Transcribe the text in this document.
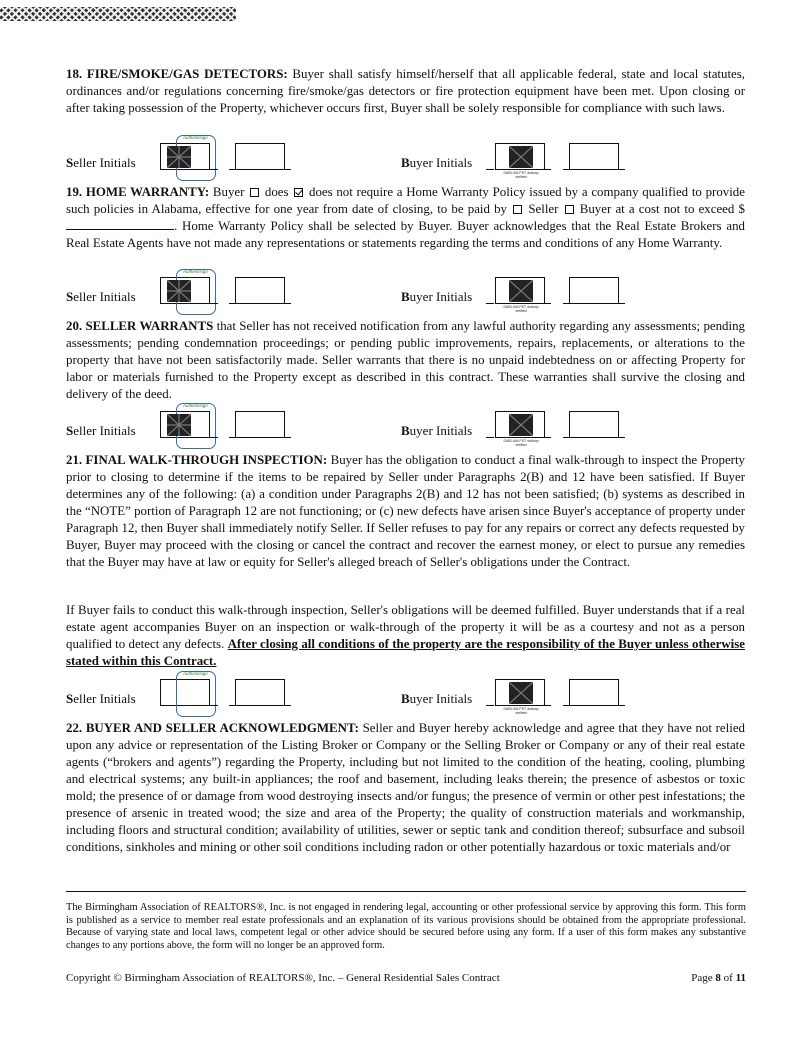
18. FIRE/SMOKE/GAS DETECTORS: Buyer shall satisfy himself/herself that all applicable federal, state and local statutes, ordinances and/or regulations concerning fire/smoke/gas detectors or fire protection equipment have been met. Upon closing or after taking possession of the Property, whichever occurs first, Buyer shall be solely responsible for compliance with such laws.
Seller Initials
Authentisign
Buyer Initials
SUBJ AM PST dotloop verified
19. HOME WARRANTY: Buyer  does does not require a Home Warranty Policy issued by a company qualified to provide such policies in Alabama, effective for one year from date of closing, to be paid by  Seller Buyer at a cost not to exceed $. Home Warranty Policy shall be selected by Buyer. Buyer acknowledges that the Real Estate Brokers and Real Estate Agents have not made any representations or statements regarding the terms and conditions of any Home Warranty.
Seller Initials
Authentisign
Buyer Initials
SUBJ AM PST dotloop verified
20. SELLER WARRANTS that Seller has not received notification from any lawful authority regarding any assessments; pending assessments; pending condemnation proceedings; or pending public improvements, repairs, replacements, or alterations to the property that have not been satisfactorily made. Seller warrants that there is no unpaid indebtedness on or affecting Property for labor or materials furnished to the Property except as described in this contract. These warranties shall survive the closing and delivery of the deed.
Seller Initials
Authentisign
Buyer Initials
SUBJ AM PST dotloop verified
21. FINAL WALK-THROUGH INSPECTION: Buyer has the obligation to conduct a final walk-through to inspect the Property prior to closing to determine if the items to be repaired by Seller under Paragraphs 2(B) and 12 have been satisfied. If Buyer determines any of the following: (a) a condition under Paragraphs 2(B) and 12 has not been satisfied; (b) systems as described in the “NOTE” portion of Paragraph 12 are not functioning; or (c) new defects have arisen since Buyer's acceptance of property under Paragraph 12, then Buyer shall immediately notify Seller. If Seller refuses to pay for any repairs or correct any defects requested by Buyer, Buyer may proceed with the closing or cancel the contract and recover the earnest money, or elect to pursue any remedies that the Buyer may have at law or equity for Seller's alleged breach of Seller's obligations under the Contract.
If Buyer fails to conduct this walk-through inspection, Seller's obligations will be deemed fulfilled. Buyer understands that if a real estate agent accompanies Buyer on an inspection or walk-through of the property it will be as a courtesy and not as a person qualified to detect any defects. After closing all conditions of the property are the responsibility of the Buyer unless otherwise stated within this Contract.
Seller Initials
Authentisign
Buyer Initials
SUBJ AM PST dotloop verified
22. BUYER AND SELLER ACKNOWLEDGMENT: Seller and Buyer hereby acknowledge and agree that they have not relied upon any advice or representation of the Listing Broker or Company or the Selling Broker or Company or any of their real estate agents (“brokers and agents”) regarding the Property, including but not limited to the condition of the heating, cooling, plumbing and electrical systems; any built-in appliances; the roof and basement, including leaks therein; the presence of asbestos or toxic mold; the presence of or damage from wood destroying insects and/or fungus; the presence of vermin or other pest infestations; the presence of arsenic in treated wood; the size and area of the Property; the quality of construction materials and workmanship, including floors and structural condition; availability of utilities, sewer or septic tank and condition thereof; subsurface and subsoil conditions, sinkholes and mining or other soil conditions including radon or other potentially hazardous or toxic materials and/or
The Birmingham Association of REALTORS®, Inc. is not engaged in rendering legal, accounting or other professional service by approving this form. This form is published as a service to member real estate professionals and an explanation of its various provisions should be obtained from the appropriate professional. Because of varying state and local laws, competent legal or other advice should be secured before using any form. If a user of this form makes any substantive changes to any portions above, the form will no longer be an approved form.
Copyright © Birmingham Association of REALTORS®, Inc. – General Residential Sales Contract	Page 8 of 11
